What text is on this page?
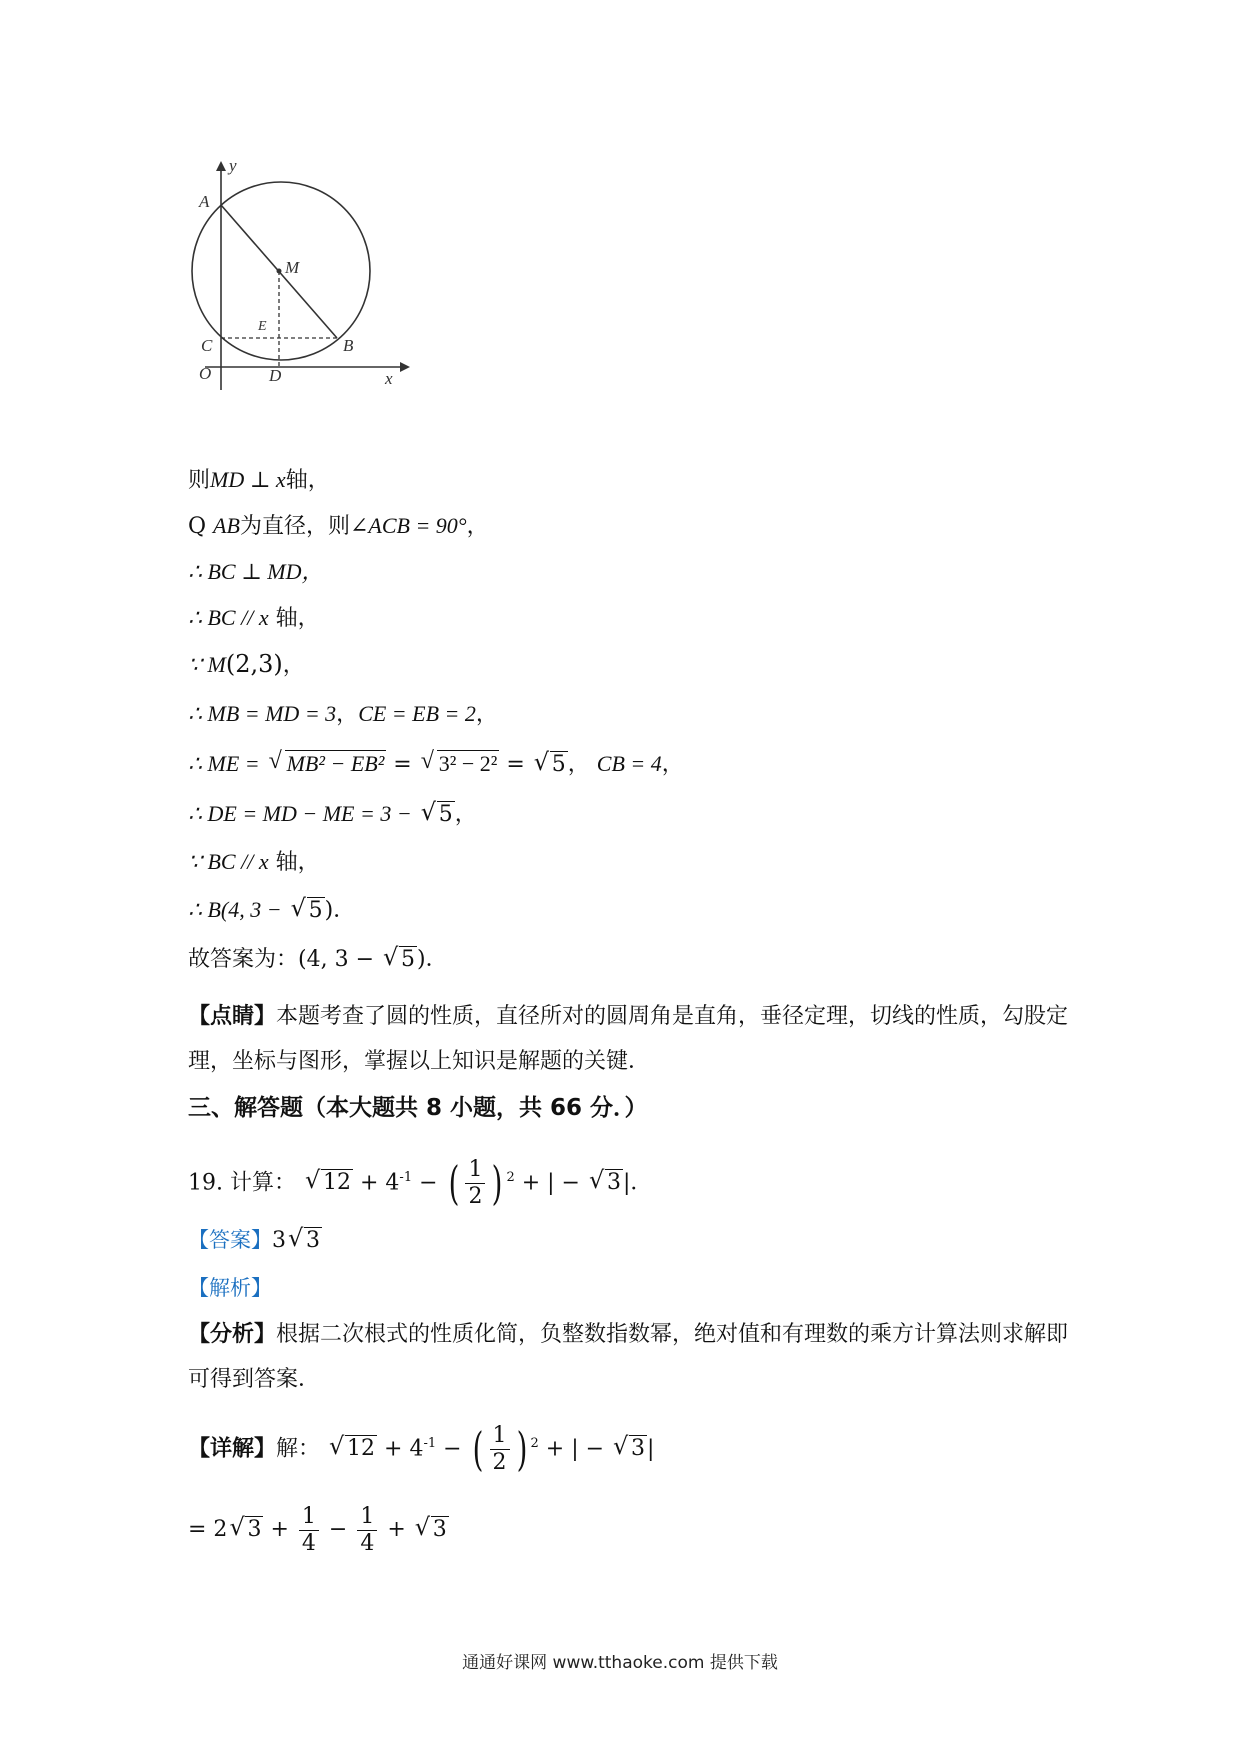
y
x
A
M
E
C	B
O	D
则MD ⊥ x轴，
Q AB为直径，则∠ACB = 90°，
∴ BC ⊥ MD，
∴ BC // x 轴，
∵ M(2,3)，
∴ MB = MD = 3，CE = EB = 2，
∴ ME = √ MB² − EB² = √ 3² − 2² = √ 5， CB = 4，
∴ DE = MD − ME = 3 − √ 5，
∵ BC // x 轴，
∴ B(4, 3 − √ 5)．
故答案为：(4, 3 − √ 5)．
【点睛】本题考查了圆的性质，直径所对的圆周角是直角，垂径定理，切线的性质，勾股定
理，坐标与图形，掌握以上知识是解题的关键．
三、解答题（本大题共 8 小题，共 66 分．）
19. 计算： √ $12 + 4^{-1}$ − ( $\frac{1}{2}$ ) $^2$ + | − √ 3|．
【答案】3 √ 3
【解析】
【分析】根据二次根式的性质化简，负整数指数幂，绝对值和有理数的乘方计算法则求解即
可得到答案．
【详解】解： √ $12 + 4^{-1}$ − ( $\frac{1}{2}$ ) $^2$ + | − √ 3|
= 2 √ $3 + \frac{1}{4} - \frac{1}{4}$ + √ 3
通通好课网 www.tthaoke.com 提供下载
